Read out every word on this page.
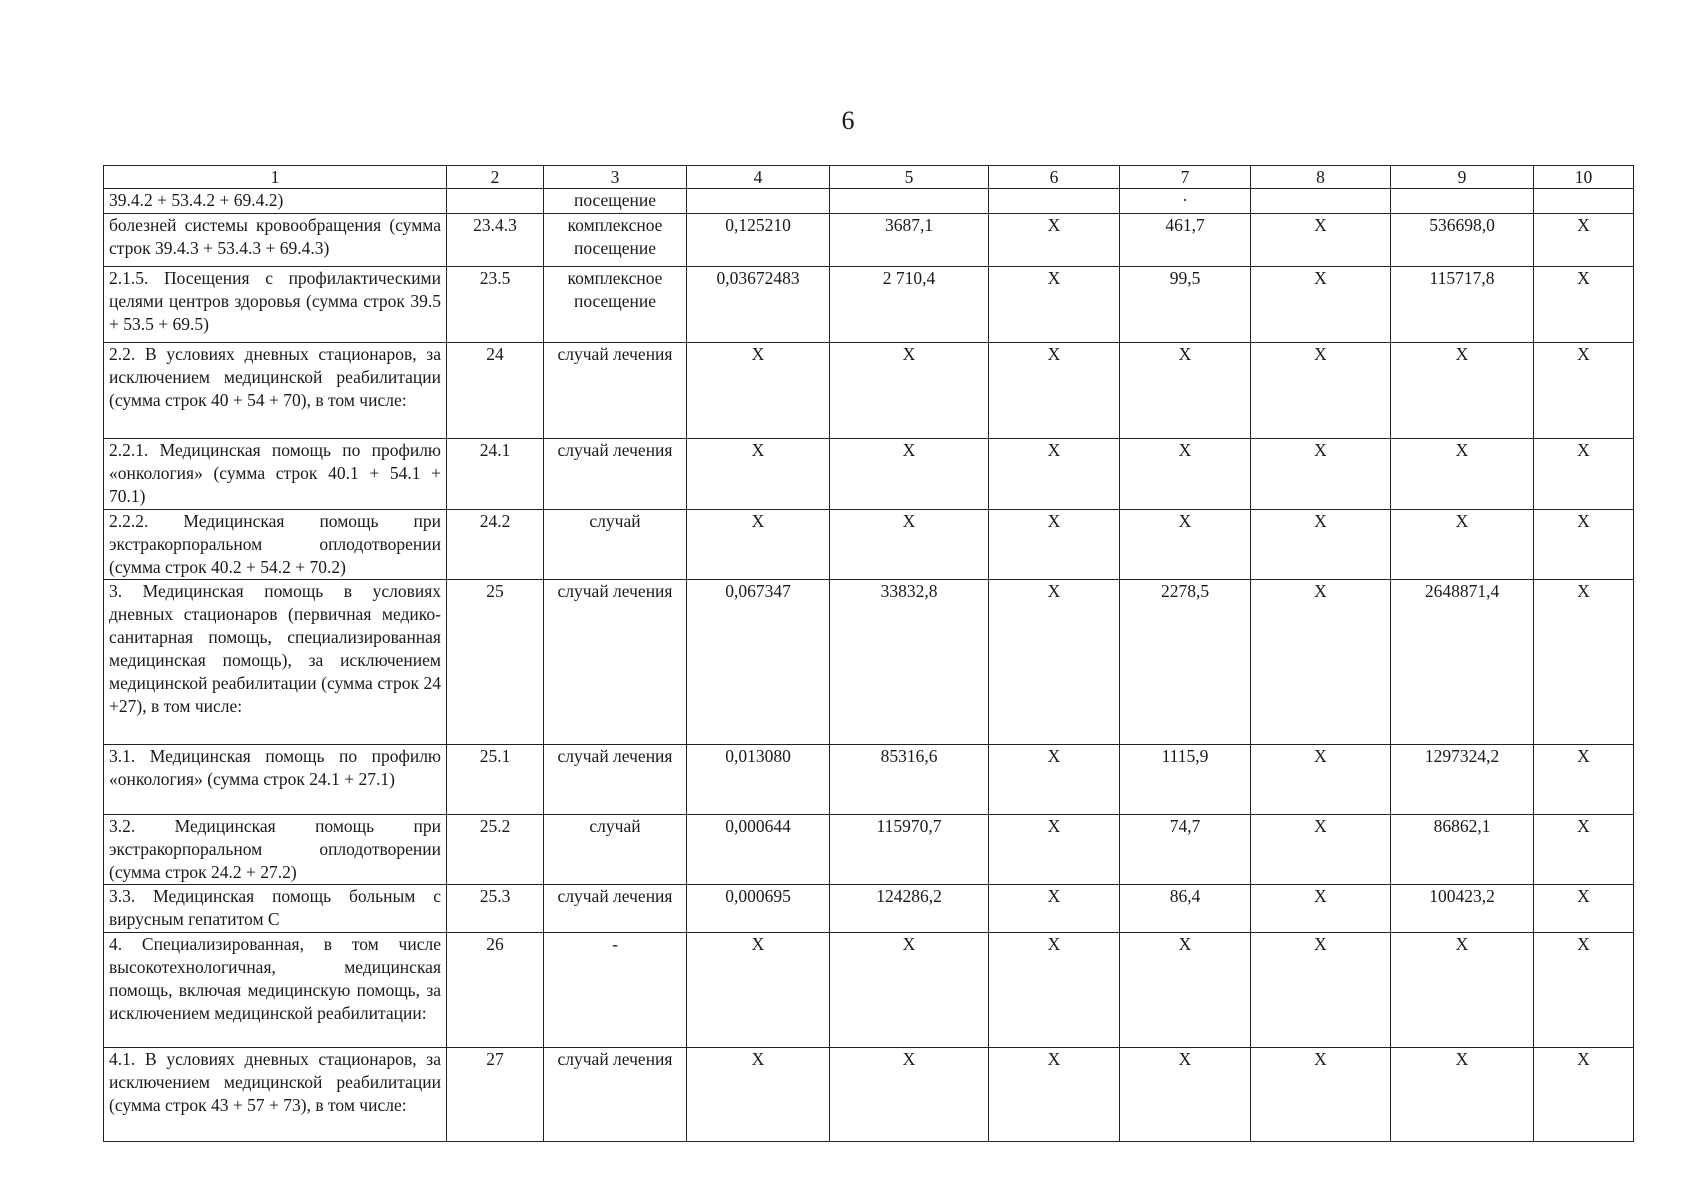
6
1	2	3	4	5	6	7	8	9	10
39.4.2 + 53.4.2 + 69.4.2)		посещение				·			
болезней системы кровообращения (сумма строк 39.4.3 + 53.4.3 + 69.4.3)	23.4.3	комплексное посещение	0,125210	3687,1	X	461,7	X	536698,0	X
2.1.5. Посещения с профилактическими целями центров здоровья (сумма строк 39.5 + 53.5 + 69.5)	23.5	комплексное посещение	0,03672483	2 710,4	X	99,5	X	115717,8	X
2.2. В условиях дневных стационаров, за исключением медицинской реабилитации (сумма строк 40 + 54 + 70), в том числе:	24	случай лечения	X	X	X	X	X	X	X
2.2.1. Медицинская помощь по профилю «онкология» (сумма строк 40.1 + 54.1 + 70.1)	24.1	случай лечения	X	X	X	X	X	X	X
2.2.2. Медицинская помощь при экстракорпоральном оплодотворении (сумма строк 40.2 + 54.2 + 70.2)	24.2	случай	X	X	X	X	X	X	X
3. Медицинская помощь в условиях дневных стационаров (первичная медико-санитарная помощь, специализированная медицинская помощь), за исключением медицинской реабилитации (сумма строк 24 +27), в том числе:	25	случай лечения	0,067347	33832,8	X	2278,5	X	2648871,4	X
3.1. Медицинская помощь по профилю «онкология» (сумма строк 24.1 + 27.1)	25.1	случай лечения	0,013080	85316,6	X	1115,9	X	1297324,2	X
3.2. Медицинская помощь при экстракорпоральном оплодотворении (сумма строк 24.2 + 27.2)	25.2	случай	0,000644	115970,7	X	74,7	X	86862,1	X
3.3. Медицинская помощь больным с вирусным гепатитом С	25.3	случай лечения	0,000695	124286,2	X	86,4	X	100423,2	X
4. Специализированная, в том числе высокотехнологичная, медицинская помощь, включая медицинскую помощь, за исключением медицинской реабилитации:	26	-	X	X	X	X	X	X	X
4.1. В условиях дневных стационаров, за исключением медицинской реабилитации (сумма строк 43 + 57 + 73), в том числе:	27	случай лечения	X	X	X	X	X	X	X
